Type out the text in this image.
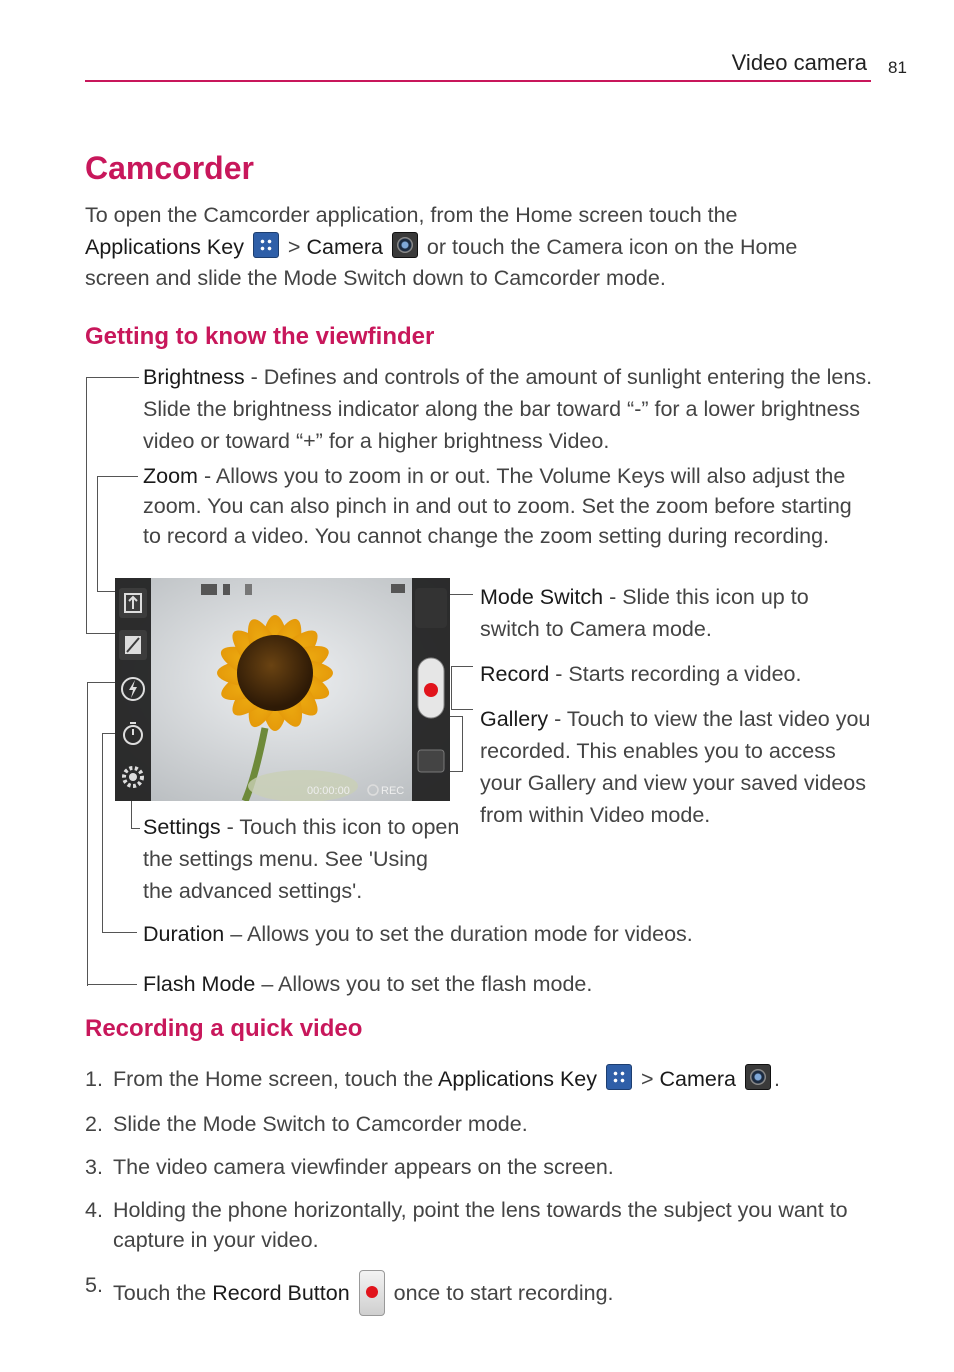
Video camera 81
Camcorder
To open the Camcorder application, from the Home screen touch the
Applications Key > Camera or touch the Camera icon on the Home
screen and slide the Mode Switch down to Camcorder mode.
Getting to know the viewfinder
Brightness - Defines and controls of the amount of sunlight entering the lens. Slide the brightness indicator along the bar toward “-” for a lower brightness video or toward “+” for a higher brightness Video.
Zoom - Allows you to zoom in or out. The Volume Keys will also adjust the zoom. You can also pinch in and out to zoom. Set the zoom before starting to record a video. You cannot change the zoom setting during recording.
00:00:00	REC
Mode Switch - Slide this icon up to switch to Camera mode.
Record - Starts recording a video.
Gallery - Touch to view the last video you recorded. This enables you to access your Gallery and view your saved videos from within Video mode.
Settings - Touch this icon to open the settings menu. See 'Using the advanced settings'.
Duration – Allows you to set the duration mode for videos.
Flash Mode – Allows you to set the flash mode.
Recording a quick video
1. From the Home screen, touch the Applications Key  > Camera .
2. Slide the Mode Switch to Camcorder mode.
3. The video camera viewfinder appears on the screen.
4. Holding the phone horizontally, point the lens towards the subject you want to capture in your video.
5. Touch the Record Button  once to start recording.
